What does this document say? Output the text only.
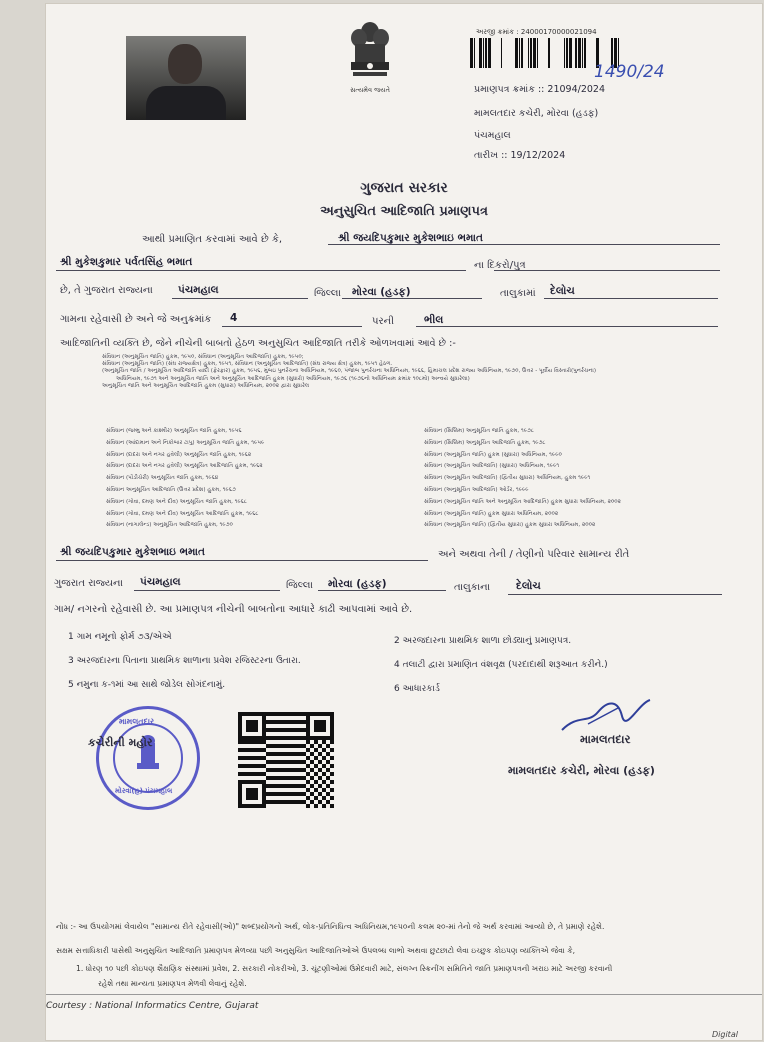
સત્યમેવ જયતે
અરજી ક્રમાંક : 24000170000021094
પ્રમાણપત્ર ક્રમાંક :: 21094/2024
1490/24
મામલતદાર કચેરી, મોરવા (હડફ)
પંચમહાલ
તારીખ :: 19/12/2024
ગુજરાત સરકાર
અનુસુચિત આદિજાતિ પ્રમાણપત્ર
આથી પ્રમાણિત કરવામાં આવે છે કે,	શ્રી જયદિપકુમાર મુકેશભાઇ ભમાત
શ્રી મુકેશકુમાર પર્વતસિંહ ભમાત	ના દિકરો/પુત્ર
છે, તે ગુજરાત રાજ્યના પંચમહાલ	જિલ્લા મોરવા (હડફ)	તાલુકામાં દેલોચ
ગામના રહેવાસી છે અને જે અનુક્રમાંક 4	પરની	ભીલ
આદિજાતિની વ્યક્તિ છે, જેને નીચેની બાબતો હેઠળ અનુસુચિત આદિજાતિ તરીકે ઓળખવામાં આવે છે :-
સંવિધાન (અનુસૂચિત જાતિ) હુકમ, ૧૯૫૦, સંવિધાન (અનુસૂચિત આદિજાતિ) હુકમ, ૧૯૫૦;
સંવિધાન (અનુસૂચિત જાતિ) (સંઘ રાજ્યક્ષેત્ર) હુકમ, ૧૯૫૧, સંવિધાન (અનુસૂચિત આદિજાતિ) (સંઘ રાજ્ય ક્ષેત્ર) હુકમ, ૧૯૫૧ હેઠળ.
(અનુસૂચિત જાતિ / અનુસૂચિત આદિજાતિ યાદી (ફેરફાર) હુકમ, ૧૯૫૬, મુંબઇ પુનર્રચના અધિનિયમ, ૧૯૬૦, પંજાબ પુનર્રચના અધિનિયમ, ૧૯૬૬, હિમાચલ પ્રદેશ રાજ્ય અધિનિયમ, ૧૯૭૦, ઉત્તર - પૂર્વીય વિસ્તારો(પુનર્રચના)
અધિનિયમ, ૧૯૭૧ અને અનુસૂચિત જાતિ અને અનુસૂચિત આદિજાતિ હુકમ (સુધારો) અધિનિયમ, ૧૯૭૬ (૧૯૭૬નો અધિનિયમ ક્રમાંક ૧૦૮મો) અન્વયે સુધારેલા)
અનુસૂચિત જાતિ અને અનુસૂચિત આદિજાતિ હુકમ (સુધારા) અધિનિયમ, ૨૦૦૨ દ્વારા સુધારેલ
સંવિધાન (જમ્મુ અને કાશ્મીર) અનુસૂચિત જાતિ હુકમ, ૧૯૫૬
સંવિધાન (આંદામાન અને નિકોબાર ટાપુ) અનુસૂચિત જાતિ હુકમ, ૧૯૫૯
સંવિધાન (દાદરા અને નગર હવેલી) અનુસૂચિત જાતિ હુકમ, ૧૯૬૨
સંવિધાન (દાદરા અને નગર હવેલી) અનુસૂચિત આદિજાતિ હુકમ, ૧૯૬૨
સંવિધાન (પોંડીચેરી) અનુસૂચિત જાતિ હુકમ, ૧૯૬૪
સંવિધાન અનુસૂચિત આદિજાતિ (ઉત્તર પ્રદેશ) હુકમ, ૧૯૬૭
સંવિધાન (ગોવા, દમણ અને દીવ) અનુસૂચિત જાતિ હુકમ, ૧૯૬૮
સંવિધાન (ગોવા, દમણ અને દીવ) અનુસૂચિત આદિજાતિ હુકમ, ૧૯૬૮
સંવિધાન (નાગાલેન્ડ) અનુસૂચિત આદિજાતિ હુકમ, ૧૯૭૦
સંવિધાન (સિક્કિમ) અનુસૂચિત જાતિ હુકમ, ૧૯૭૮
સંવિધાન (સિક્કિમ) અનુસૂચિત આદિજાતિ હુકમ, ૧૯૭૮
સંવિધાન (અનુસૂચિત જાતિ) હુકમ (સુધારા) અધિનિયમ, ૧૯૯૦
સંવિધાન (અનુસૂચિત આદિજાતિ) (સુધારા) અધિનિયમ, ૧૯૯૧
સંવિધાન (અનુસૂચિત આદિજાતિ) (દ્વિતીય સુધારા) અધિનિયમ, હુકમ ૧૯૯૧
સંવિધાન (અનુસૂચિત આદિજાતિ) ઓર્ડર, ૧૯૯૯
સંવિધાન (અનુસૂચિત જાતિ અને અનુસૂચિત આદિજાતિ) હુકમ સુધારા અધિનિયમ, ૨૦૦૨
સંવિધાન (અનુસૂચિત જાતિ) હુકમ સુધારા અધિનિયમ, ૨૦૦૨
સંવિધાન (અનુસૂચિત જાતિ) (દ્વિતીય સુધારા) હુકમ સુધારા અધિનિયમ, ૨૦૦૨
શ્રી જયદિપકુમાર મુકેશભાઇ ભમાત	અને અથવા તેની / તેણીનો પરિવાર સામાન્ય રીતે
ગુજરાત રાજ્યના પંચમહાલ	જિલ્લા મોરવા (હડફ)	તાલુકાના દેલોચ
ગામ/ નગરનો રહેવાસી છે. આ પ્રમાણપત્ર નીચેની બાબતોના આધારે કાઢી આપવામાં આવે છે.
1 ગામ નમૂનો ફોર્મ ૭૩/એએ	2 અરજદારના પ્રાથમિક શાળા છોડ્યાનું પ્રમાણપત્ર.
3 અરજદારના પિતાના પ્રાથમિક શાળાના પ્રવેશ રજિસ્ટરના ઉતારા.	4 તલાટી દ્વારા પ્રમાણિત વંશવૃક્ષ (પરદાદાથી શરૂઆત કરીને.)
5 નમુના ક-૧માં આ સાથે જોડેલ સોગંદનામું.	6 આધારકાર્ડ
મામલતદાર
મોરવા(હ) પંચમહાલ
કચેરીની મહોર	મામલતદાર
મામલતદાર કચેરી, મોરવા (હડફ)
નોંધ :- આ ઉપયોગમાં લેવાયેલ "સામાન્ય રીતે રહેવાસી(ઓ)" શબ્દપ્રયોગનો અર્થ, લોક-પ્રતિનિધિત્વ અધિનિયમ,૧૯૫૦ની કલમ ૨૦-માં તેનો જે અર્થ કરવામાં આવ્યો છે, તે પ્રમાણે રહેશે.
સક્ષમ સત્તાધિકારી પાસેથી અનુસુચિત આદિજાતિ પ્રમાણપત્ર મેળવ્યા પછી અનુસુચિત આદિજાતિઓએ ઉપલબ્ધ લાભો અથવા છુટછાટો લેવા ઇચ્છુક કોઇપણ વ્યક્તિએ જેવા કે,
1. ધોરણ ૧૦ પછી કોઇપણ શૈક્ષણિક સંસ્થામાં પ્રવેશ, 2. સરકારી નોકરીઓ, 3. ચૂંટણીઓમાં ઉમેદવારી માટે, સંલગ્ન સ્ક્રિનીંગ સમિતિને જાતિ પ્રમાણપત્રની ખરાઇ માટે અરજી કરવાની
રહેશે તથા માન્યતા પ્રમાણપત્ર મેળવી લેવાનું રહેશે.
Courtesy : National Informatics Centre, Gujarat
Digital
